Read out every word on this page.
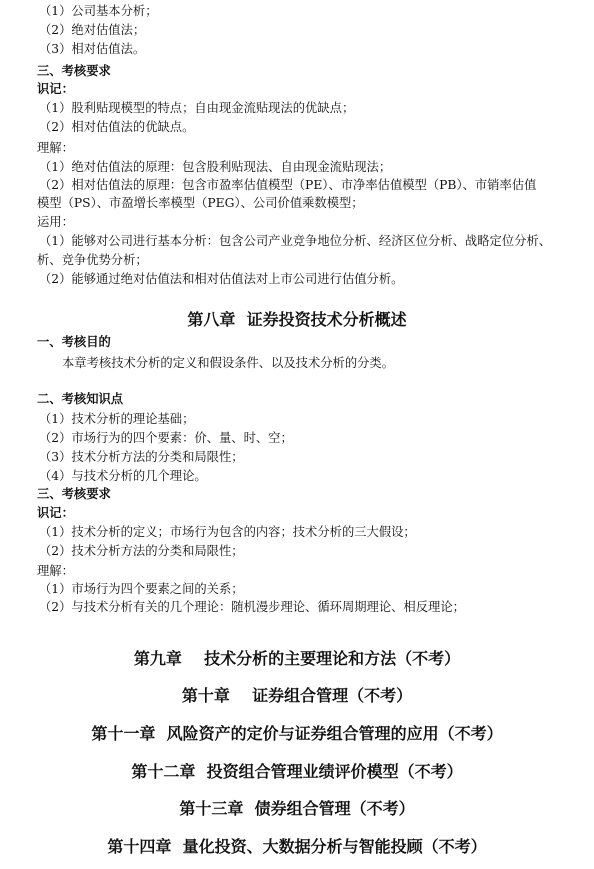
（1）公司基本分析；
（2）绝对估值法；
（3）相对估值法。
三、考核要求
识记：
（1）股利贴现模型的特点；自由现金流贴现法的优缺点；
（2）相对估值法的优缺点。
理解：
（1）绝对估值法的原理：包含股利贴现法、自由现金流贴现法；
（2）相对估值法的原理：包含市盈率估值模型（PE）、市净率估值模型（PB）、市销率估值
模型（PS）、市盈增长率模型（PEG）、公司价值乘数模型；
运用：
（1）能够对公司进行基本分析：包含公司产业竞争地位分析、经济区位分析、战略定位分析、
析、竞争优势分析；
（2）能够通过绝对估值法和相对估值法对上市公司进行估值分析。
第八章  证券投资技术分析概述
一、考核目的
本章考核技术分析的定义和假设条件、以及技术分析的分类。
二、考核知识点
（1）技术分析的理论基础；
（2）市场行为的四个要素：价、量、时、空；
（3）技术分析方法的分类和局限性；
（4）与技术分析的几个理论。
三、考核要求
识记：
（1）技术分析的定义；市场行为包含的内容；技术分析的三大假设；
（2）技术分析方法的分类和局限性；
理解：
（1）市场行为四个要素之间的关系；
（2）与技术分析有关的几个理论：随机漫步理论、循环周期理论、相反理论；
第九章    技术分析的主要理论和方法（不考）
第十章    证券组合管理（不考）
第十一章  风险资产的定价与证券组合管理的应用（不考）
第十二章  投资组合管理业绩评价模型（不考）
第十三章  债券组合管理（不考）
第十四章  量化投资、大数据分析与智能投顾（不考）
